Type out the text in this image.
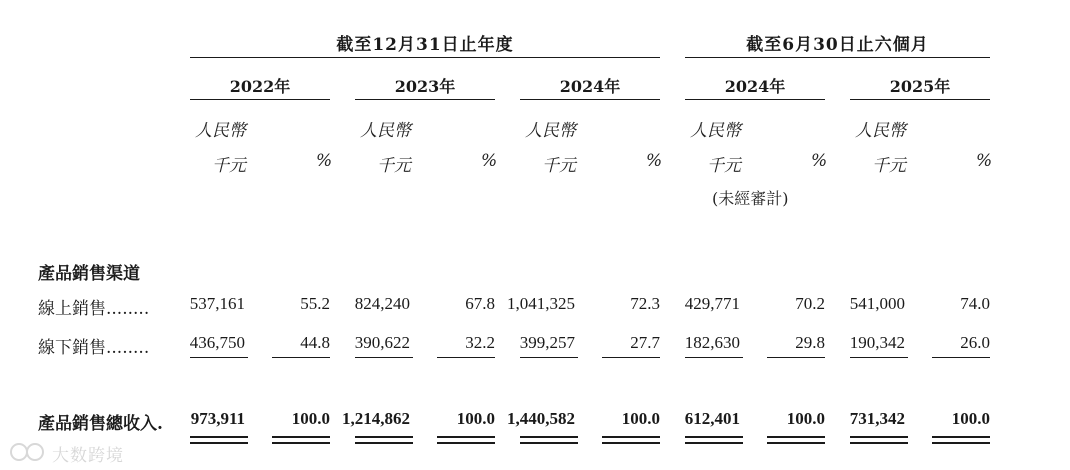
截至12月31日止年度	截至6月30日止六個月
2022年	2023年	2024年	2024年	2025年
人民幣	人民幣	人民幣	人民幣	人民幣
千元	%	千元	%	千元	%	千元	%	千元	%
(未經審計)
產品銷售渠道
線上銷售........	537,161	55.2	824,240	67.8 1,041,325	72.3	429,771	70.2	541,000	74.0
線下銷售........	436,750	44.8	390,622	32.2	399,257	27.7	182,630	29.8	190,342	26.0
產品銷售總收入.	973,911	100.0 1,214,862	100.0 1,440,582	100.0	612,401	100.0	731,342	100.0
大数跨境
